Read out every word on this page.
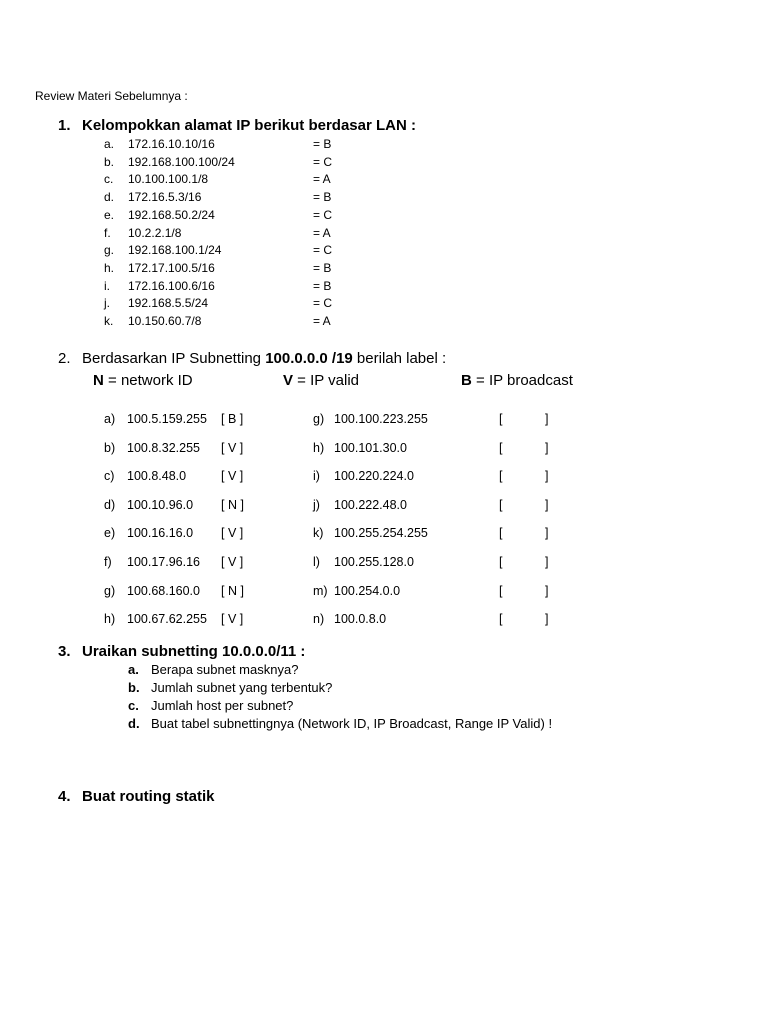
Review Materi Sebelumnya :
1. Kelompokkan alamat IP berikut berdasar LAN :
a. 172.16.10.10/16	= B
b. 192.168.100.100/24	= C
c. 10.100.100.1/8	= A
d. 172.16.5.3/16	= B
e. 192.168.50.2/24	= C
f. 10.2.2.1/8	= A
g. 192.168.100.1/24	= C
h. 172.17.100.5/16	= B
i. 172.16.100.6/16	= B
j. 192.168.5.5/24	= C
k. 10.150.60.7/8	= A
2. Berdasarkan IP Subnetting 100.0.0.0 /19 berilah label :
N = network ID	V = IP valid	B = IP broadcast
a) 100.5.159.255 [ B ]
b) 100.8.32.255 [ V ]
c) 100.8.48.0	[ V ]
d) 100.10.96.0 [ N ]
e) 100.16.16.0 [ V ]
f) 100.17.96.16 [ V ]
g) 100.68.160.0 [ N ]
h) 100.67.62.255 [ V ]
g) 100.100.223.255	[	]
h) 100.101.30.0	[	]
i) 100.220.224.0	[	]
j) 100.222.48.0	[	]
k) 100.255.254.255	[	]
l) 100.255.128.0	[	]
m) 100.254.0.0	[	]
n) 100.0.8.0	[	]
3. Uraikan subnetting 10.0.0.0/11 :
a. Berapa subnet masknya?
b. Jumlah subnet yang terbentuk?
c. Jumlah host per subnet?
d. Buat tabel subnettingnya (Network ID, IP Broadcast, Range IP Valid) !
4. Buat routing statik
